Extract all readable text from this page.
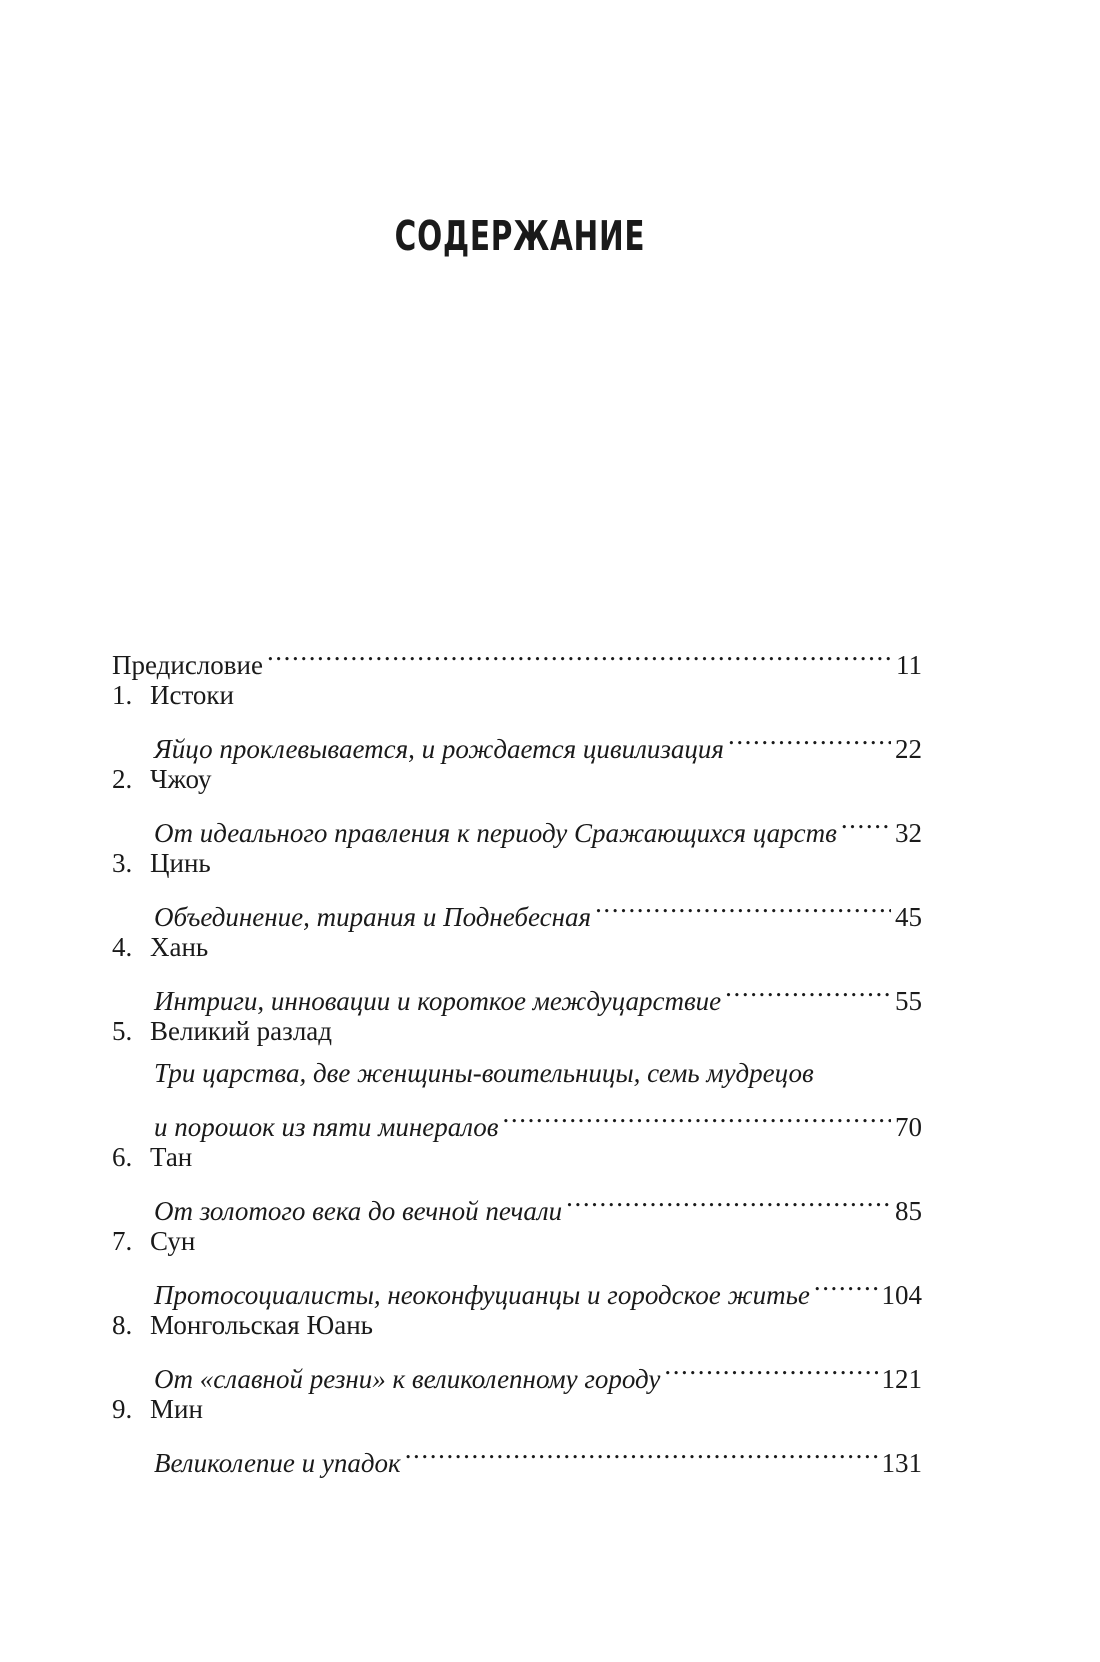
СОДЕРЖАНИЕ
Предисловие .....	11
1. Истоки
Яйцо проклевывается, и рождается цивилизация .....	22
2. Чжоу
От идеального правления к периоду Сражающихся царств ..... 32
3. Цинь
Объединение, тирания и Поднебесная .....	45
4. Хань
Интриги, инновации и короткое междуцарствие .....	55
5. Великий разлад
Три царства, две женщины-воительницы, семь мудрецов
и порошок из пяти минералов .....	70
6. Тан
От золотого века до вечной печали .....	85
7. Сун
Протосоциалисты, неоконфуцианцы и городское житье .....	104
8. Монгольская Юань
От «славной резни» к великолепному городу .....	121
9. Мин
Великолепие и упадок .....	131
